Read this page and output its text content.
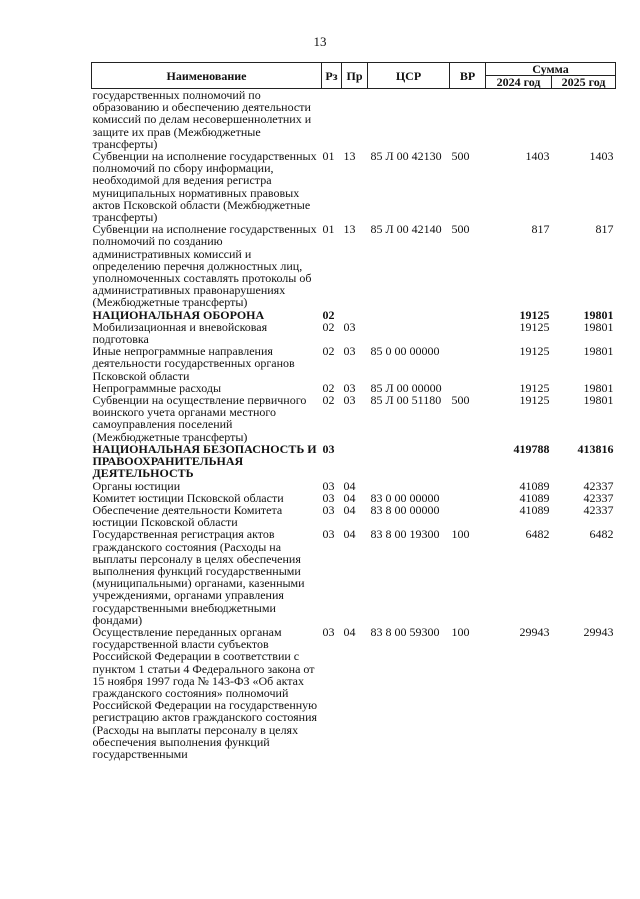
13
Наименование	Рз	Пр	ЦСР	ВР	Сумма	
					2024 год	2025 год
государственных полномочий по образованию и обеспечению деятельности комиссий по делам несовершеннолетних и защите их прав (Межбюджетные трансферты)						
Субвенции на исполнение государственных полномочий по сбору информации, необходимой для ведения регистра муниципальных нормативных правовых актов Псковской области (Межбюджетные трансферты)	01	13	85 Л 00 42130	500	1403	1403
Субвенции на исполнение государственных полномочий по созданию административных комиссий и определению перечня должностных лиц, уполномоченных составлять протоколы об административных правонарушениях (Межбюджетные трансферты)	01	13	85 Л 00 42140	500	817	817
НАЦИОНАЛЬНАЯ ОБОРОНА	02				19125	19801
Мобилизационная и вневойсковая подготовка	02	03			19125	19801
Иные непрограммные направления деятельности государственных органов Псковской области	02	03	85 0 00 00000		19125	19801
Непрограммные расходы	02	03	85 Л 00 00000		19125	19801
Субвенции на осуществление первичного воинского учета органами местного самоуправления поселений (Межбюджетные трансферты)	02	03	85 Л 00 51180	500	19125	19801
НАЦИОНАЛЬНАЯ БЕЗОПАСНОСТЬ И ПРАВООХРАНИТЕЛЬНАЯ ДЕЯТЕЛЬНОСТЬ	03				419788	413816
Органы юстиции	03	04			41089	42337
Комитет юстиции Псковской области	03	04	83 0 00 00000		41089	42337
Обеспечение деятельности Комитета юстиции Псковской области	03	04	83 8 00 00000		41089	42337
Государственная регистрация актов гражданского состояния (Расходы на выплаты персоналу в целях обеспечения выполнения функций государственными (муниципальными) органами, казенными учреждениями, органами управления государственными внебюджетными фондами)	03	04	83 8 00 19300	100	6482	6482
Осуществление переданных органам государственной власти субъектов Российской Федерации в соответствии с пунктом 1 статьи 4 Федерального закона от 15 ноября 1997 года № 143-ФЗ «Об актах гражданского состояния» полномочий Российской Федерации на государственную регистрацию актов гражданского состояния (Расходы на выплаты персоналу в целях обеспечения выполнения функций государственными	03	04	83 8 00 59300	100	29943	29943
